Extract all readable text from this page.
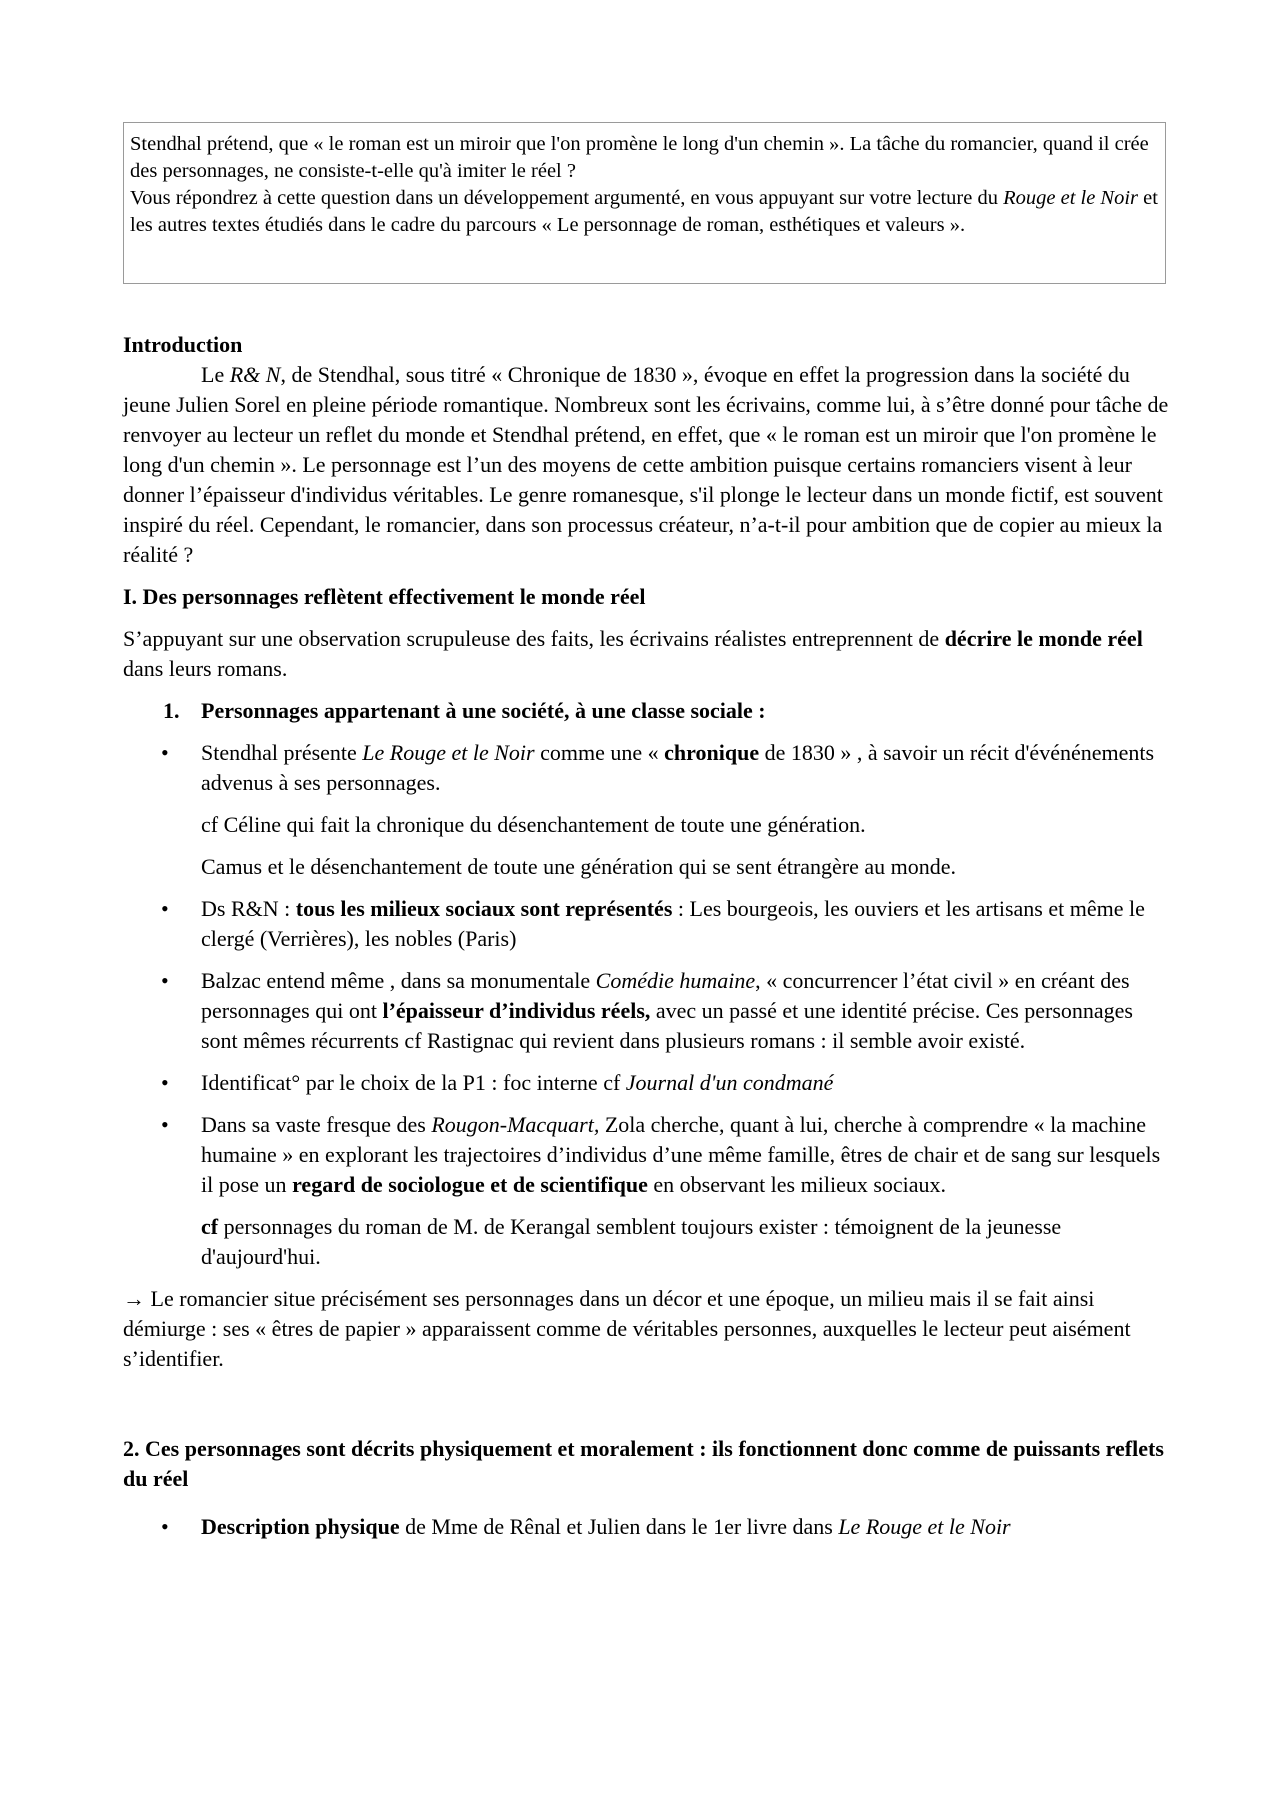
Stendhal prétend, que « le roman est un miroir que l'on promène le long d'un chemin ». La tâche du romancier, quand il crée des personnages, ne consiste-t-elle qu'à imiter le réel ?
Vous répondrez à cette question dans un développement argumenté, en vous appuyant sur votre lecture du Rouge et le Noir et les autres textes étudiés dans le cadre du parcours « Le personnage de roman, esthétiques et valeurs ».

Introduction

Le R& N, de Stendhal, sous titré « Chronique de 1830 », évoque en effet la progression dans la société du jeune Julien Sorel en pleine période romantique. Nombreux sont les écrivains, comme lui, à s’être donné pour tâche de renvoyer au lecteur un reflet du monde et Stendhal prétend, en effet, que « le roman est un miroir que l'on promène le long d'un chemin ». Le personnage est l’un des moyens de cette ambition puisque certains romanciers visent à leur donner l’épaisseur d'individus véritables. Le genre romanesque, s'il plonge le lecteur dans un monde fictif, est souvent inspiré du réel. Cependant, le romancier, dans son processus créateur, n’a-t-il pour ambition que de copier au mieux la réalité ?

I. Des personnages reflètent effectivement le monde réel

S’appuyant sur une observation scrupuleuse des faits, les écrivains réalistes entreprennent de décrire le monde réel dans leurs romans.

1. Personnages appartenant à une société, à une classe sociale :

• Stendhal présente Le Rouge et le Noir comme une « chronique de 1830 » , à savoir un récit d'événénements advenus à ses personnages.

cf Céline qui fait la chronique du désenchantement de toute une génération.

Camus et le désenchantement de toute une génération qui se sent étrangère au monde.

• Ds R&N : tous les milieux sociaux sont représentés : Les bourgeois, les ouviers et les artisans et même le clergé (Verrières), les nobles (Paris)

• Balzac entend même , dans sa monumentale Comédie humaine, « concurrencer l’état civil » en créant des personnages qui ont l’épaisseur d’individus réels, avec un passé et une identité précise. Ces personnages sont mêmes récurrents cf Rastignac qui revient dans plusieurs romans : il semble avoir existé.

• Identificat° par le choix de la P1 : foc interne cf Journal d'un condmané

• Dans sa vaste fresque des Rougon-Macquart, Zola cherche, quant à lui, cherche à comprendre « la machine humaine » en explorant les trajectoires d’individus d’une même famille, êtres de chair et de sang sur lesquels il pose un regard de sociologue et de scientifique en observant les milieux sociaux.

cf personnages du roman de M. de Kerangal semblent toujours exister : témoignent de la jeunesse d'aujourd'hui.

→ Le romancier situe précisément ses personnages dans un décor et une époque, un milieu mais il se fait ainsi démiurge : ses « êtres de papier » apparaissent comme de véritables personnes, auxquelles le lecteur peut aisément s’identifier.

2. Ces personnages sont décrits physiquement et moralement : ils fonctionnent donc comme de puissants reflets du réel

• Description physique de Mme de Rênal et Julien dans le 1er livre dans Le Rouge et le Noir
